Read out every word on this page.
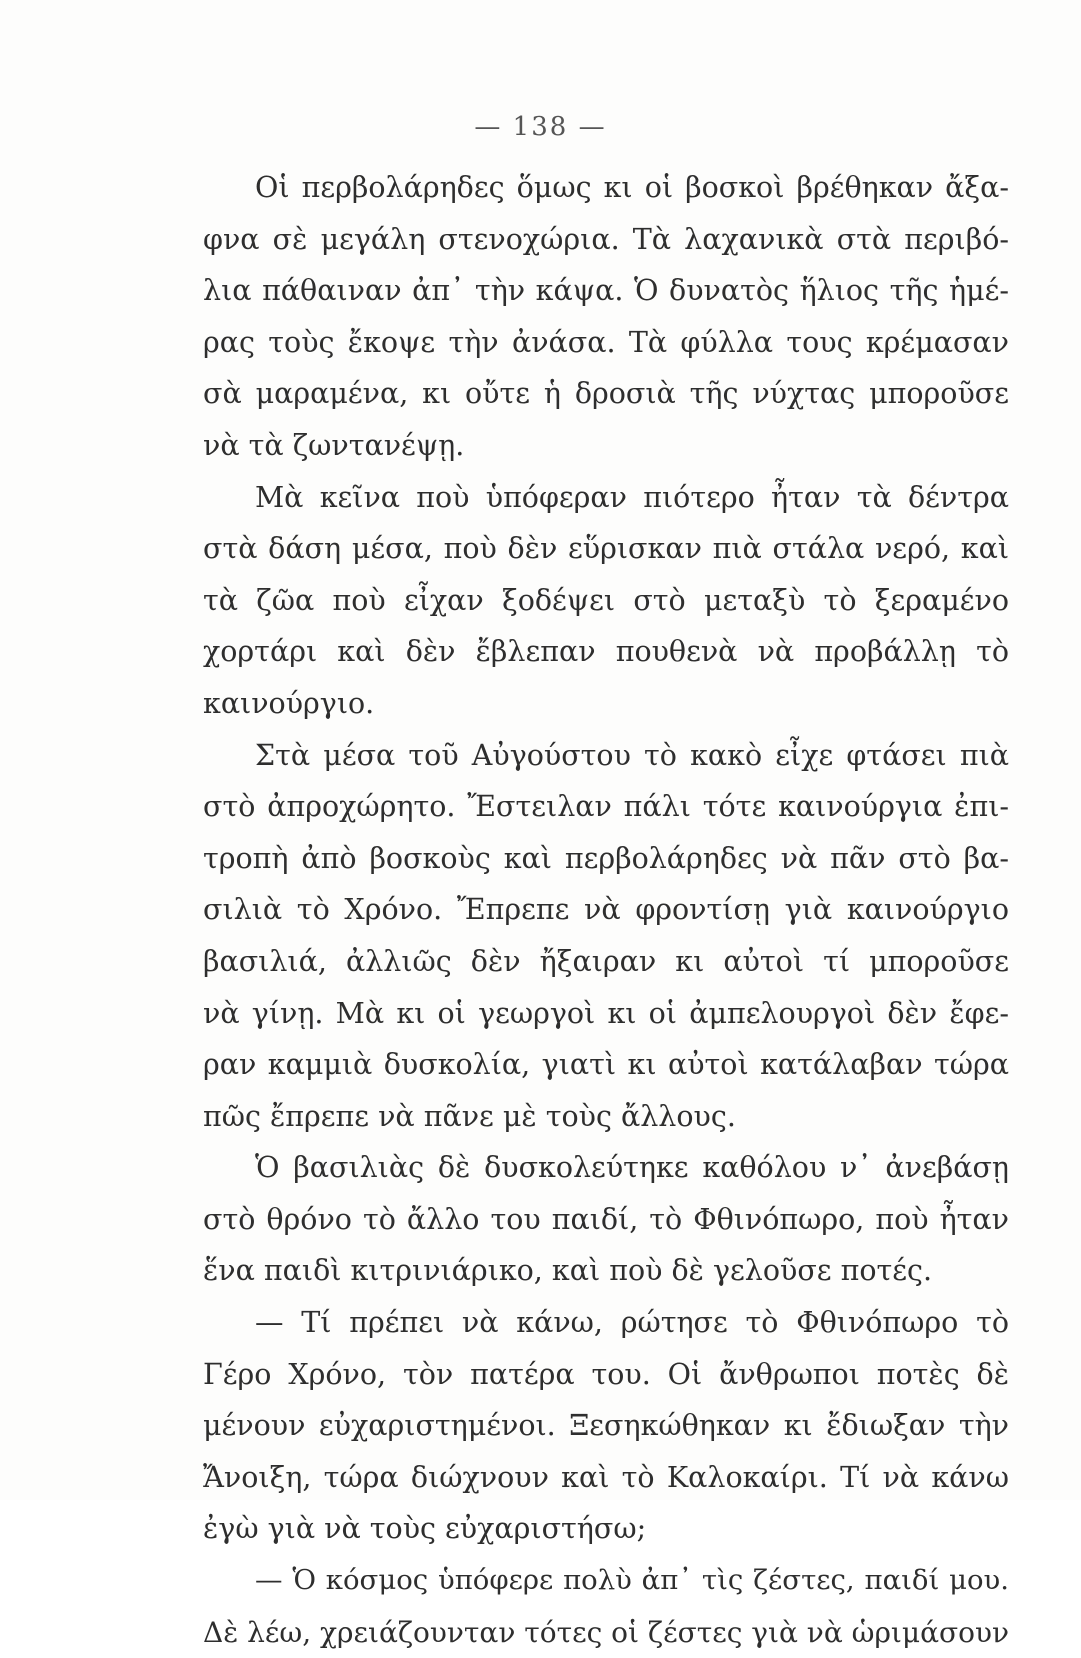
— 138 —
Οἱ περβολάρηδες ὅμως κι οἱ βοσκοὶ βρέθηκαν ἄξα-
φνα σὲ μεγάλη στενοχώρια. Τὰ λαχανικὰ στὰ περιβό-
λια πάθαιναν ἀπ᾽ τὴν κάψα. Ὁ δυνατὸς ἥλιος τῆς ἡμέ-
ρας τοὺς ἔκοψε τὴν ἀνάσα. Τὰ φύλλα τους κρέμασαν
σὰ μαραμένα, κι οὔτε ἡ δροσιὰ τῆς νύχτας μποροῦσε
νὰ τὰ ζωντανέψῃ.
Μὰ κεῖνα ποὺ ὑπόφεραν πιότερο ἦταν τὰ δέντρα
στὰ δάση μέσα, ποὺ δὲν εὕρισκαν πιὰ στάλα νερό, καὶ
τὰ ζῶα ποὺ εἶχαν ξοδέψει στὸ μεταξὺ τὸ ξεραμένο
χορτάρι καὶ δὲν ἔβλεπαν πουθενὰ νὰ προβάλλῃ τὸ
καινούργιο.
Στὰ μέσα τοῦ Αὐγούστου τὸ κακὸ εἶχε φτάσει πιὰ
στὸ ἀπροχώρητο. Ἔστειλαν πάλι τότε καινούργια ἐπι-
τροπὴ ἀπὸ βοσκοὺς καὶ περβολάρηδες νὰ πᾶν στὸ βα-
σιλιὰ τὸ Χρόνο. Ἔπρεπε νὰ φροντίσῃ γιὰ καινούργιο
βασιλιά, ἀλλιῶς δὲν ἤξαιραν κι αὐτοὶ τί μποροῦσε
νὰ γίνῃ. Μὰ κι οἱ γεωργοὶ κι οἱ ἀμπελουργοὶ δὲν ἔφε-
ραν καμμιὰ δυσκολία, γιατὶ κι αὐτοὶ κατάλαβαν τώρα
πῶς ἔπρεπε νὰ πᾶνε μὲ τοὺς ἄλλους.
Ὁ βασιλιὰς δὲ δυσκολεύτηκε καθόλου ν᾽ ἀνεβάσῃ
στὸ θρόνο τὸ ἄλλο του παιδί, τὸ Φθινόπωρο, ποὺ ἦταν
ἕνα παιδὶ κιτρινιάρικο, καὶ ποὺ δὲ γελοῦσε ποτές.
— Τί πρέπει νὰ κάνω, ρώτησε τὸ Φθινόπωρο τὸ
Γέρο Χρόνο, τὸν πατέρα του. Οἱ ἄνθρωποι ποτὲς δὲ
μένουν εὐχαριστημένοι. Ξεσηκώθηκαν κι ἔδιωξαν τὴν
Ἄνοιξη, τώρα διώχνουν καὶ τὸ Καλοκαίρι. Τί νὰ κάνω
ἐγὼ γιὰ νὰ τοὺς εὐχαριστήσω;
— Ὁ κόσμος ὑπόφερε πολὺ ἀπ᾽ τὶς ζέστες, παιδί μου.
Δὲ λέω, χρειάζουνταν τότες οἱ ζέστες γιὰ νὰ ὡριμάσουν
